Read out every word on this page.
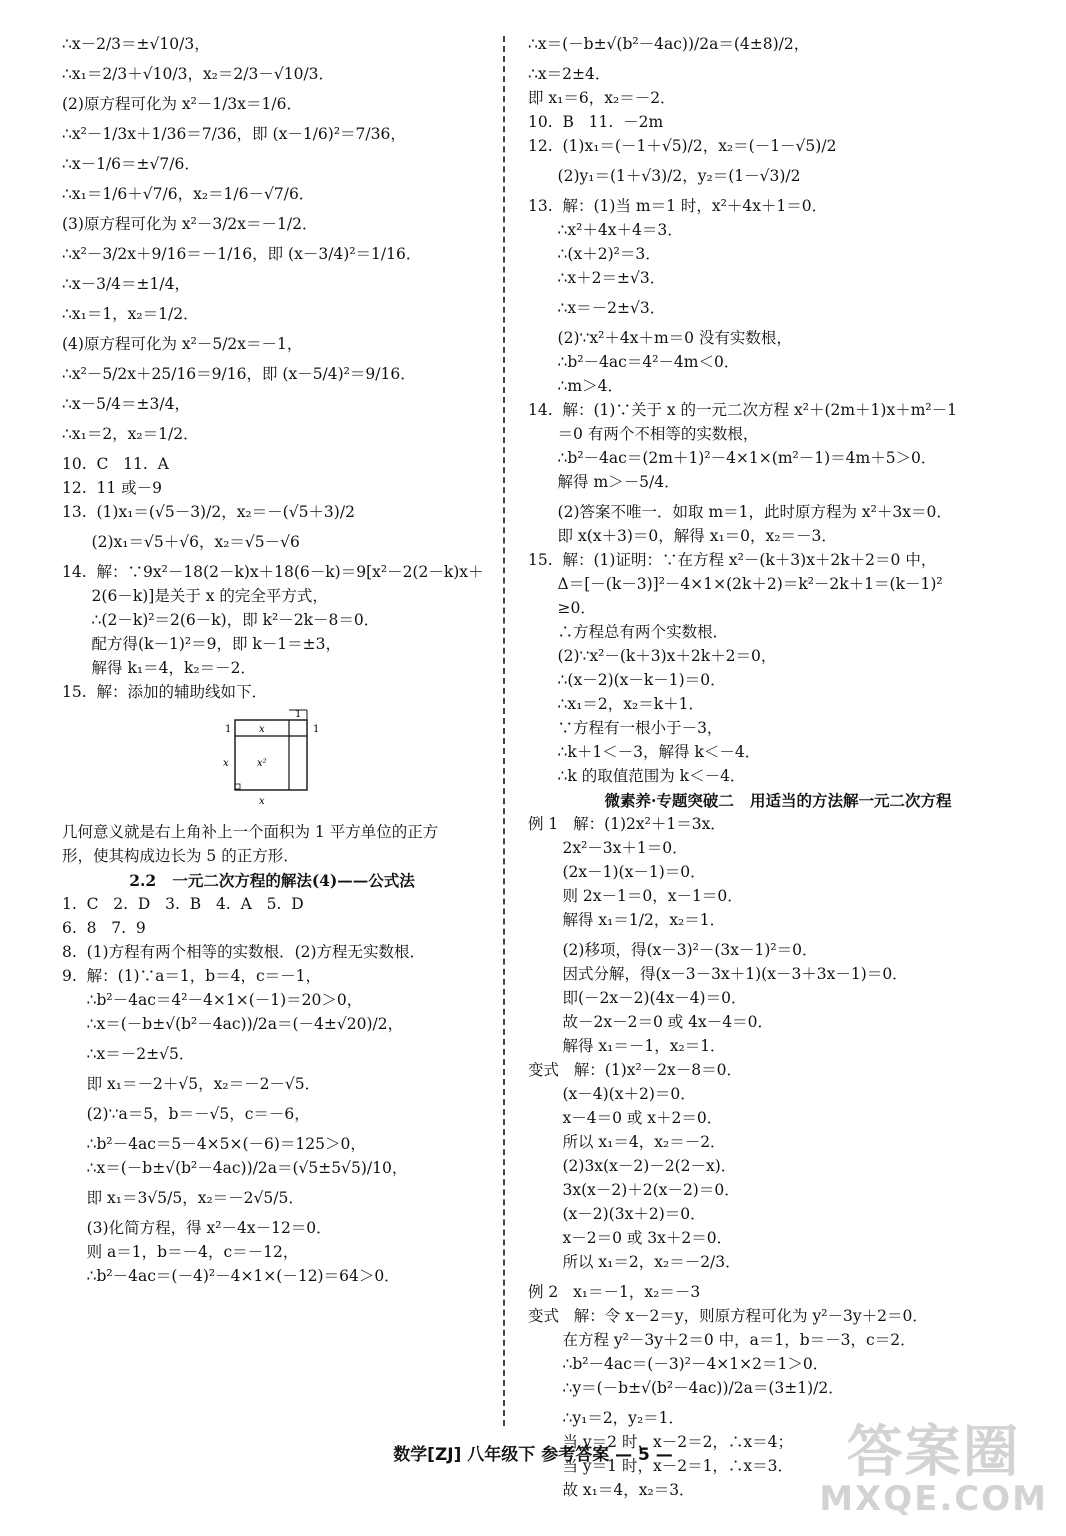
∴x－2/3＝±√10/3，
∴x₁＝2/3＋√10/3，x₂＝2/3－√10/3．
(2)原方程可化为 x²－1/3x＝1/6．
∴x²－1/3x＋1/36＝7/36，即 (x－1/6)²＝7/36，
∴x－1/6＝±√7/6．
∴x₁＝1/6＋√7/6，x₂＝1/6－√7/6．
(3)原方程可化为 x²－3/2x＝－1/2．
∴x²－3/2x＋9/16＝－1/16，即 (x－3/4)²＝1/16．
∴x－3/4＝±1/4，
∴x₁＝1，x₂＝1/2．
(4)原方程可化为 x²－5/2x＝－1，
∴x²－5/2x＋25/16＝9/16，即 (x－5/4)²＝9/16．
∴x－5/4＝±3/4，
∴x₁＝2，x₂＝1/2．
10.  C   11.  A
12.  11 或－9
13.  (1)x₁＝(√5－3)/2，x₂＝－(√5＋3)/2
(2)x₁＝√5＋√6，x₂＝√5－√6
14.  解：∵9x²－18(2－k)x＋18(6－k)＝9[x²－2(2－k)x＋
2(6－k)]是关于 x 的完全平方式，
∴(2－k)²＝2(6－k)，即 k²－2k－8＝0．
配方得(k－1)²＝9，即 k－1＝±3，
解得 k₁＝4，k₂＝－2．
15.  解：添加的辅助线如下．
1
1	1
x
x
x²
x
几何意义就是右上角补上一个面积为 1 平方单位的正方
形，使其构成边长为 5 的正方形．
2.2   一元二次方程的解法(4)——公式法
1.  C   2.  D   3.  B   4.  A   5.  D
6.  8   7.  9
8.  (1)方程有两个相等的实数根．(2)方程无实数根．
9.  解：(1)∵a＝1，b＝4，c＝－1，
∴b²－4ac＝4²－4×1×(－1)＝20＞0，
∴x＝(－b±√(b²－4ac))/2a＝(－4±√20)/2，
∴x＝－2±√5．
即 x₁＝－2＋√5，x₂＝－2－√5．
(2)∵a＝5，b＝－√5，c＝－6，
∴b²－4ac＝5－4×5×(－6)＝125＞0，
∴x＝(－b±√(b²－4ac))/2a＝(√5±5√5)/10，
即 x₁＝3√5/5，x₂＝－2√5/5．
(3)化简方程，得 x²－4x－12＝0．
则 a＝1，b＝－4，c＝－12，
∴b²－4ac＝(－4)²－4×1×(－12)＝64＞0．
∴x＝(－b±√(b²－4ac))/2a＝(4±8)/2，
∴x＝2±4．
即 x₁＝6，x₂＝－2．
10.  B   11.  －2m
12.  (1)x₁＝(－1＋√5)/2，x₂＝(－1－√5)/2
(2)y₁＝(1＋√3)/2，y₂＝(1－√3)/2
13.  解：(1)当 m＝1 时，x²＋4x＋1＝0．
∴x²＋4x＋4＝3．
∴(x＋2)²＝3．
∴x＋2＝±√3．
∴x＝－2±√3．
(2)∵x²＋4x＋m＝0 没有实数根，
∴b²－4ac＝4²－4m＜0．
∴m＞4．
14.  解：(1)∵关于 x 的一元二次方程 x²＋(2m＋1)x＋m²－1
＝0 有两个不相等的实数根，
∴b²－4ac＝(2m＋1)²－4×1×(m²－1)＝4m＋5＞0．
解得 m＞－5/4．
(2)答案不唯一．如取 m＝1，此时原方程为 x²＋3x＝0．
即 x(x＋3)＝0，解得 x₁＝0，x₂＝－3．
15.  解：(1)证明：∵在方程 x²－(k＋3)x＋2k＋2＝0 中，
Δ＝[－(k－3)]²－4×1×(2k＋2)＝k²－2k＋1＝(k－1)²
≥0．
∴方程总有两个实数根．
(2)∵x²－(k＋3)x＋2k＋2＝0，
∴(x－2)(x－k－1)＝0．
∴x₁＝2，x₂＝k＋1．
∵方程有一根小于－3，
∴k＋1＜－3，解得 k＜－4．
∴k 的取值范围为 k＜－4．
微素养·专题突破二   用适当的方法解一元二次方程
例 1   解：(1)2x²＋1＝3x．
2x²－3x＋1＝0．
(2x－1)(x－1)＝0．
则 2x－1＝0，x－1＝0．
解得 x₁＝1/2，x₂＝1．
(2)移项，得(x－3)²－(3x－1)²＝0．
因式分解，得(x－3－3x＋1)(x－3＋3x－1)＝0．
即(－2x－2)(4x－4)＝0．
故－2x－2＝0 或 4x－4＝0．
解得 x₁＝－1，x₂＝1．
变式   解：(1)x²－2x－8＝0．
(x－4)(x＋2)＝0．
x－4＝0 或 x＋2＝0．
所以 x₁＝4，x₂＝－2．
(2)3x(x－2)－2(2－x)．
3x(x－2)＋2(x－2)＝0．
(x－2)(3x＋2)＝0．
x－2＝0 或 3x＋2＝0．
所以 x₁＝2，x₂＝－2/3．
例 2   x₁＝－1，x₂＝－3
变式   解：令 x－2＝y，则原方程可化为 y²－3y＋2＝0．
在方程 y²－3y＋2＝0 中，a＝1，b＝－3，c＝2．
∴b²－4ac＝(－3)²－4×1×2＝1＞0．
∴y＝(－b±√(b²－4ac))/2a＝(3±1)/2．
∴y₁＝2，y₂＝1．
当 y＝2 时，x－2＝2，∴x＝4；
当 y＝1 时，x－2＝1，∴x＝3．
故 x₁＝4，x₂＝3．
数学[ZJ] 八年级下 参考答案 — 5 —	答案圈
MXQE.COM
